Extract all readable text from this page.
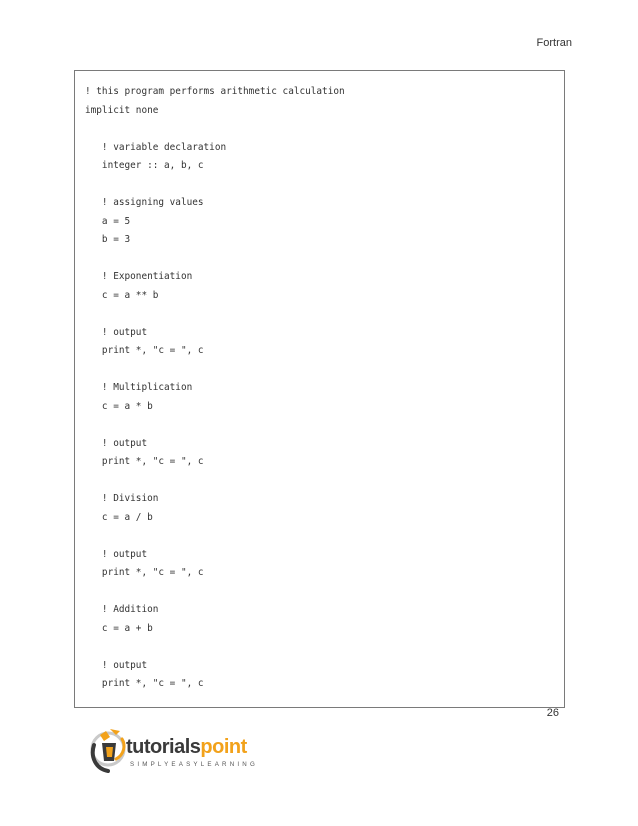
Fortran
! this program performs arithmetic calculation
implicit none
! variable declaration
integer :: a, b, c
! assigning values
a = 5
b = 3
! Exponentiation
c = a ** b
! output
print *, "c = ", c
! Multiplication
c = a * b
! output
print *, "c = ", c
! Division
c = a / b
! output
print *, "c = ", c
! Addition
c = a + b
! output
print *, "c = ", c
26
tutorialspoint
SIMPLYEASYLEARNING
